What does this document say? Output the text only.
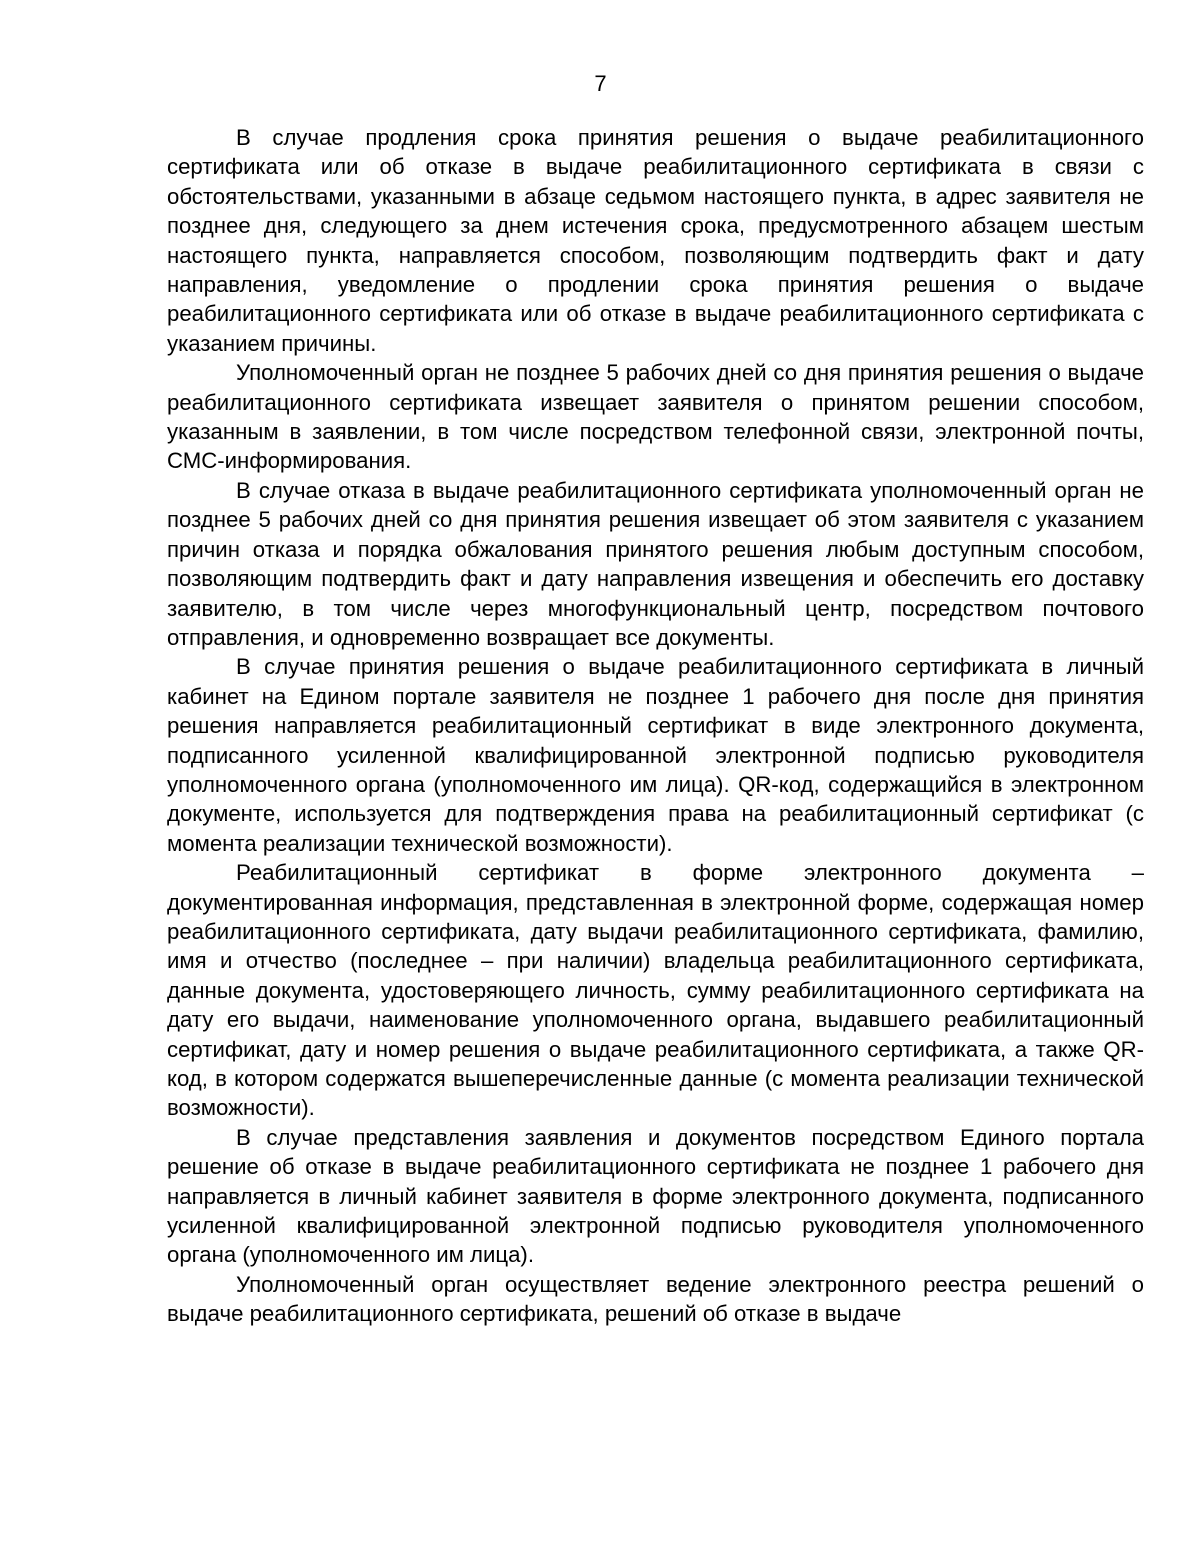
7

В случае продления срока принятия решения о выдаче реабилитационного сертификата или об отказе в выдаче реабилитационного сертификата в связи с обстоятельствами, указанными в абзаце седьмом настоящего пункта, в адрес заявителя не позднее дня, следующего за днем истечения срока, предусмотренного абзацем шестым настоящего пункта, направляется способом, позволяющим подтвердить факт и дату направления, уведомление о продлении срока принятия решения о выдаче реабилитационного сертификата или об отказе в выдаче реабилитационного сертификата с указанием причины.

Уполномоченный орган не позднее 5 рабочих дней со дня принятия решения о выдаче реабилитационного сертификата извещает заявителя о принятом решении способом, указанным в заявлении, в том числе посредством телефонной связи, электронной почты, СМС-информирования.

В случае отказа в выдаче реабилитационного сертификата уполномоченный орган не позднее 5 рабочих дней со дня принятия решения извещает об этом заявителя с указанием причин отказа и порядка обжалования принятого решения любым доступным способом, позволяющим подтвердить факт и дату направления извещения и обеспечить его доставку заявителю, в том числе через многофункциональный центр, посредством почтового отправления, и одновременно возвращает все документы.

В случае принятия решения о выдаче реабилитационного сертификата в личный кабинет на Едином портале заявителя не позднее 1 рабочего дня после дня принятия решения направляется реабилитационный сертификат в виде электронного документа, подписанного усиленной квалифицированной электронной подписью руководителя уполномоченного органа (уполномоченного им лица). QR-код, содержащийся в электронном документе, используется для подтверждения права на реабилитационный сертификат (с момента реализации технической возможности).

Реабилитационный сертификат в форме электронного документа – документированная информация, представленная в электронной форме, содержащая номер реабилитационного сертификата, дату выдачи реабилитационного сертификата, фамилию, имя и отчество (последнее – при наличии) владельца реабилитационного сертификата, данные документа, удостоверяющего личность, сумму реабилитационного сертификата на дату его выдачи, наименование уполномоченного органа, выдавшего реабилитационный сертификат, дату и номер решения о выдаче реабилитационного сертификата, а также QR-код, в котором содержатся вышеперечисленные данные (с момента реализации технической возможности).

В случае представления заявления и документов посредством Единого портала решение об отказе в выдаче реабилитационного сертификата не позднее 1 рабочего дня направляется в личный кабинет заявителя в форме электронного документа, подписанного усиленной квалифицированной электронной подписью руководителя уполномоченного органа (уполномоченного им лица).

Уполномоченный орган осуществляет ведение электронного реестра решений о выдаче реабилитационного сертификата, решений об отказе в выдаче
